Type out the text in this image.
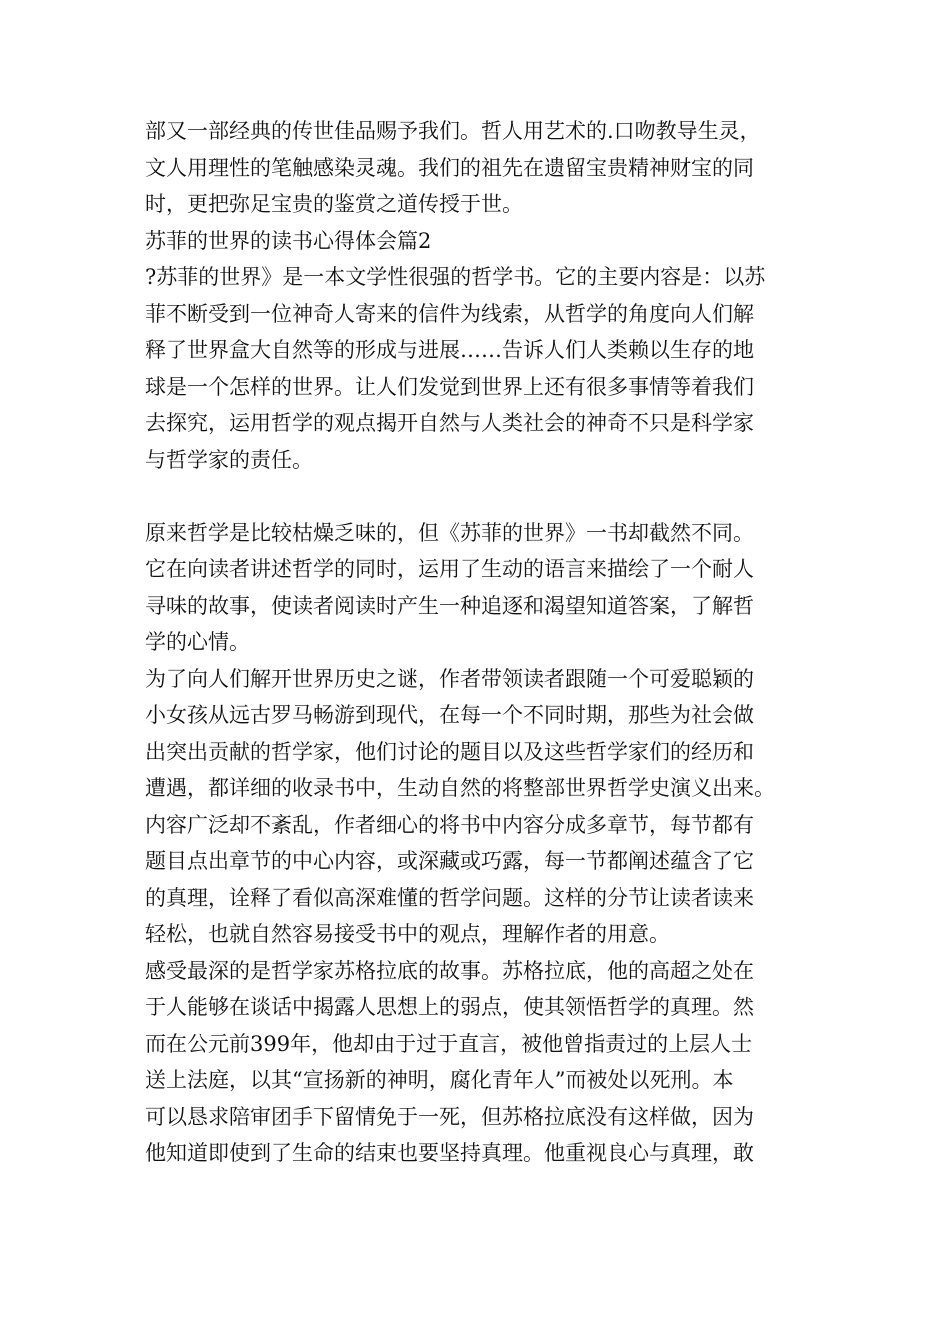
部又一部经典的传世佳品赐予我们。哲人用艺术的.口吻教导生灵，
文人用理性的笔触感染灵魂。我们的祖先在遗留宝贵精神财宝的同
时，更把弥足宝贵的鉴赏之道传授于世。
苏菲的世界的读书心得体会篇2
?苏菲的世界》是一本文学性很强的哲学书。它的主要内容是：以苏
菲不断受到一位神奇人寄来的信件为线索，从哲学的角度向人们解
释了世界盒大自然等的形成与进展……告诉人们人类赖以生存的地
球是一个怎样的世界。让人们发觉到世界上还有很多事情等着我们
去探究，运用哲学的观点揭开自然与人类社会的神奇不只是科学家
与哲学家的责任。
原来哲学是比较枯燥乏味的，但《苏菲的世界》一书却截然不同。
它在向读者讲述哲学的同时，运用了生动的语言来描绘了一个耐人
寻味的故事，使读者阅读时产生一种追逐和渴望知道答案，了解哲
学的心情。
为了向人们解开世界历史之谜，作者带领读者跟随一个可爱聪颖的
小女孩从远古罗马畅游到现代，在每一个不同时期，那些为社会做
出突出贡献的哲学家，他们讨论的题目以及这些哲学家们的经历和
遭遇，都详细的收录书中，生动自然的将整部世界哲学史演义出来。
内容广泛却不紊乱，作者细心的将书中内容分成多章节，每节都有
题目点出章节的中心内容，或深藏或巧露，每一节都阐述蕴含了它
的真理，诠释了看似高深难懂的哲学问题。这样的分节让读者读来
轻松，也就自然容易接受书中的观点，理解作者的用意。
感受最深的是哲学家苏格拉底的故事。苏格拉底，他的高超之处在
于人能够在谈话中揭露人思想上的弱点，使其领悟哲学的真理。然
而在公元前399年，他却由于过于直言，被他曾指责过的上层人士
送上法庭，以其“宣扬新的神明，腐化青年人”而被处以死刑。本
可以恳求陪审团手下留情免于一死，但苏格拉底没有这样做，因为
他知道即使到了生命的结束也要坚持真理。他重视良心与真理，敢
